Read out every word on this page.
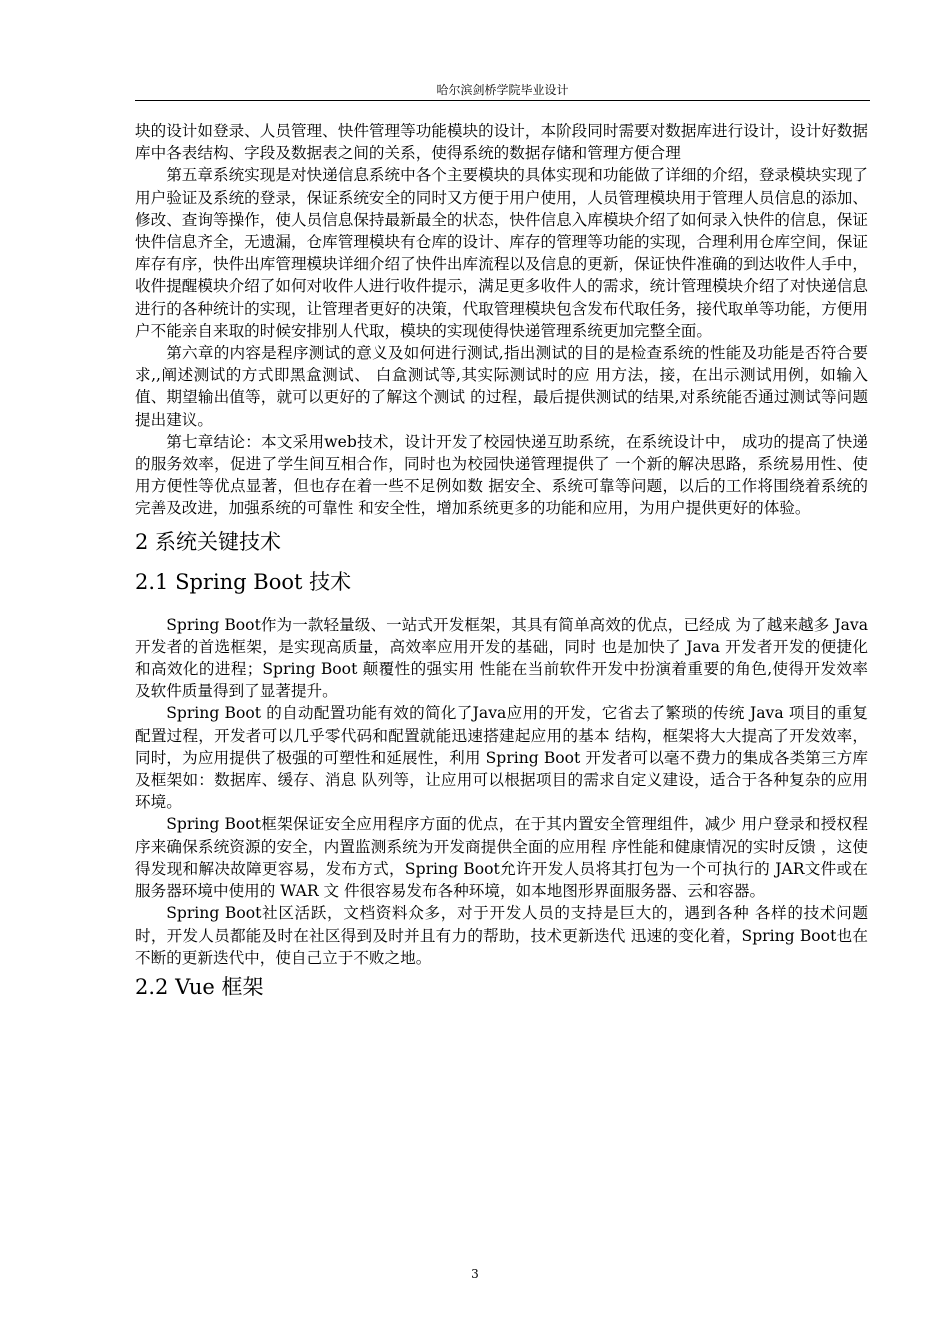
哈尔滨剑桥学院毕业设计

块的设计如登录、人员管理、快件管理等功能模块的设计，本阶段同时需要对数据库进行设计，设计好数据库中各表结构、字段及数据表之间的关系，使得系统的数据存储和管理方便合理

第五章系统实现是对快递信息系统中各个主要模块的具体实现和功能做了详细的介绍，登录模块实现了用户验证及系统的登录，保证系统安全的同时又方便于用户使用，人员管理模块用于管理人员信息的添加、修改、查询等操作，使人员信息保持最新最全的状态，快件信息入库模块介绍了如何录入快件的信息，保证快件信息齐全，无遗漏，仓库管理模块有仓库的设计、库存的管理等功能的实现，合理利用仓库空间，保证库存有序，快件出库管理模块详细介绍了快件出库流程以及信息的更新，保证快件准确的到达收件人手中，收件提醒模块介绍了如何对收件人进行收件提示，满足更多收件人的需求，统计管理模块介绍了对快递信息进行的各种统计的实现，让管理者更好的决策，代取管理模块包含发布代取任务，接代取单等功能，方便用户不能亲自来取的时候安排别人代取，模块的实现使得快递管理系统更加完整全面。

第六章的内容是程序测试的意义及如何进行测试,指出测试的目的是检查系统的性能及功能是否符合要求,,阐述测试的方式即黑盒测试、 白盒测试等,其实际测试时的应 用方法，接，在出示测试用例，如输入值、期望输出值等，就可以更好的了解这个测试 的过程，最后提供测试的结果,对系统能否通过测试等问题提出建议。

第七章结论：本文采用web技术，设计开发了校园快递互助系统，在系统设计中， 成功的提高了快递的服务效率，促进了学生间互相合作，同时也为校园快递管理提供了 一个新的解决思路，系统易用性、使用方便性等优点显著，但也存在着一些不足例如数 据安全、系统可靠等问题，以后的工作将围绕着系统的完善及改进，加强系统的可靠性 和安全性，增加系统更多的功能和应用，为用户提供更好的体验。

2 系统关键技术
2.1 Spring Boot 技术

Spring Boot作为一款轻量级、一站式开发框架，其具有简单高效的优点，已经成 为了越来越多 Java 开发者的首选框架，是实现高质量，高效率应用开发的基础，同时 也是加快了 Java 开发者开发的便捷化和高效化的进程；Spring Boot 颠覆性的强实用 性能在当前软件开发中扮演着重要的角色,使得开发效率及软件质量得到了显著提升。

Spring Boot 的自动配置功能有效的简化了Java应用的开发，它省去了繁琐的传统 Java 项目的重复配置过程，开发者可以几乎零代码和配置就能迅速搭建起应用的基本 结构，框架将大大提高了开发效率，同时，为应用提供了极强的可塑性和延展性，利用 Spring Boot 开发者可以毫不费力的集成各类第三方库及框架如：数据库、缓存、消息 队列等，让应用可以根据项目的需求自定义建设，适合于各种复杂的应用环境。

Spring Boot框架保证安全应用程序方面的优点，在于其内置安全管理组件，减少 用户登录和授权程序来确保系统资源的安全，内置监测系统为开发商提供全面的应用程 序性能和健康情况的实时反馈 ，这使得发现和解决故障更容易，发布方式，Spring Boot允许开发人员将其打包为一个可执行的 JAR文件或在服务器环境中使用的 WAR 文 件很容易发布各种环境，如本地图形界面服务器、云和容器。

Spring Boot社区活跃，文档资料众多，对于开发人员的支持是巨大的，遇到各种 各样的技术问题时，开发人员都能及时在社区得到及时并且有力的帮助，技术更新迭代 迅速的变化着，Spring Boot也在不断的更新迭代中，使自己立于不败之地。

2.2 Vue 框架
3
